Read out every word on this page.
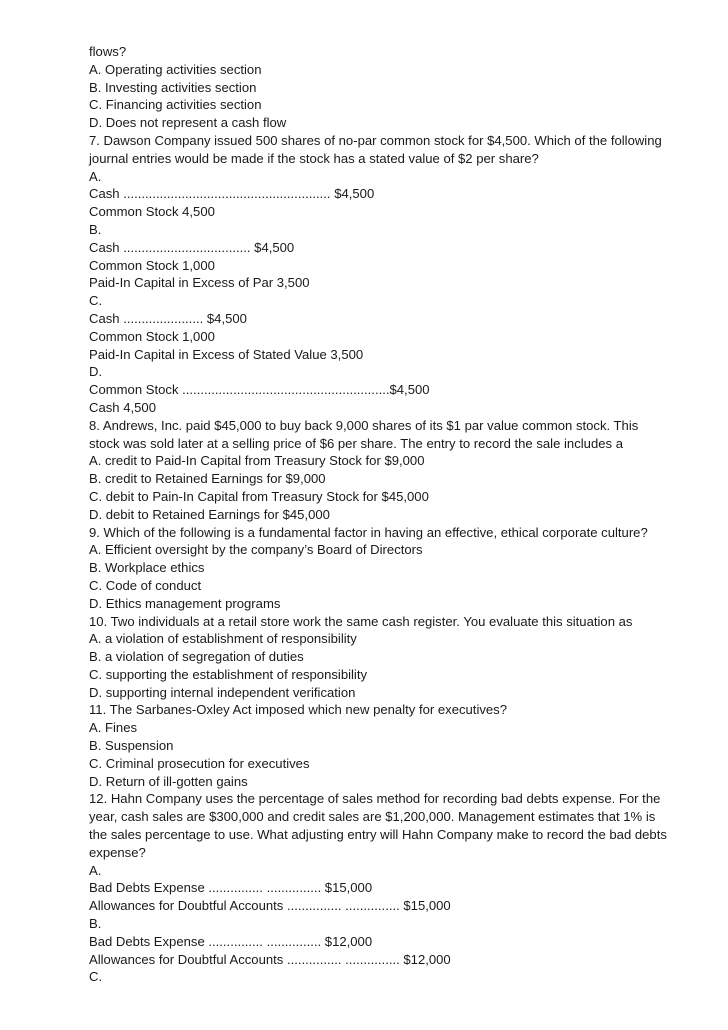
flows?
A. Operating activities section
B. Investing activities section
C. Financing activities section
D. Does not represent a cash flow
7. Dawson Company issued 500 shares of no-par common stock for $4,500. Which of the following
journal entries would be made if the stock has a stated value of $2 per share?
A.
Cash ......................................................... $4,500
Common Stock 4,500
B.
Cash ................................... $4,500
Common Stock 1,000
Paid-In Capital in Excess of Par 3,500
C.
Cash ...................... $4,500
Common Stock 1,000
Paid-In Capital in Excess of Stated Value 3,500
D.
Common Stock .........................................................$4,500
Cash 4,500
8. Andrews, Inc. paid $45,000 to buy back 9,000 shares of its $1 par value common stock. This
stock was sold later at a selling price of $6 per share. The entry to record the sale includes a
A. credit to Paid-In Capital from Treasury Stock for $9,000
B. credit to Retained Earnings for $9,000
C. debit to Pain-In Capital from Treasury Stock for $45,000
D. debit to Retained Earnings for $45,000
9. Which of the following is a fundamental factor in having an effective, ethical corporate culture?
A. Efficient oversight by the company’s Board of Directors
B. Workplace ethics
C. Code of conduct
D. Ethics management programs
10. Two individuals at a retail store work the same cash register. You evaluate this situation as
A. a violation of establishment of responsibility
B. a violation of segregation of duties
C. supporting the establishment of responsibility
D. supporting internal independent verification
11. The Sarbanes-Oxley Act imposed which new penalty for executives?
A. Fines
B. Suspension
C. Criminal prosecution for executives
D. Return of ill-gotten gains
12. Hahn Company uses the percentage of sales method for recording bad debts expense. For the
year, cash sales are $300,000 and credit sales are $1,200,000. Management estimates that 1% is
the sales percentage to use. What adjusting entry will Hahn Company make to record the bad debts
expense?
A.
Bad Debts Expense ............... ............... $15,000
Allowances for Doubtful Accounts ............... ............... $15,000
B.
Bad Debts Expense ............... ............... $12,000
Allowances for Doubtful Accounts ............... ............... $12,000
C.
